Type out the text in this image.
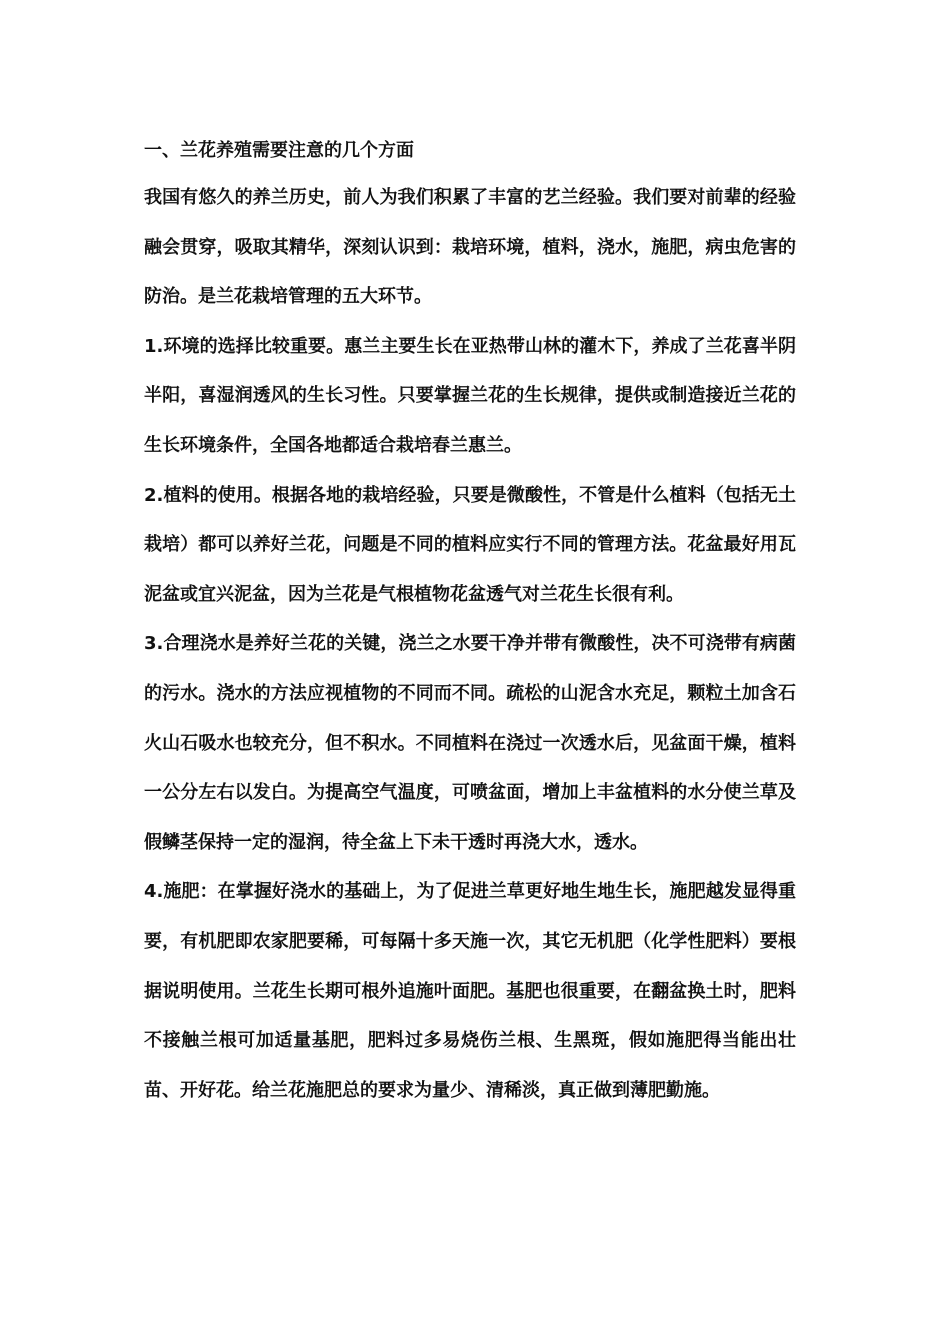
一、兰花养殖需要注意的几个方面

我国有悠久的养兰历史，前人为我们积累了丰富的艺兰经验。我们要对前辈的经验融会贯穿，吸取其精华，深刻认识到：栽培环境，植料，浇水，施肥，病虫危害的防治。是兰花栽培管理的五大环节。

1.环境的选择比较重要。惠兰主要生长在亚热带山林的灌木下，养成了兰花喜半阴半阳，喜湿润透风的生长习性。只要掌握兰花的生长规律，提供或制造接近兰花的生长环境条件，全国各地都适合栽培春兰惠兰。

2.植料的使用。根据各地的栽培经验，只要是微酸性，不管是什么植料（包括无土栽培）都可以养好兰花，问题是不同的植料应实行不同的管理方法。花盆最好用瓦泥盆或宜兴泥盆，因为兰花是气根植物花盆透气对兰花生长很有利。

3.合理浇水是养好兰花的关键，浇兰之水要干净并带有微酸性，决不可浇带有病菌的污水。浇水的方法应视植物的不同而不同。疏松的山泥含水充足，颗粒土加含石火山石吸水也较充分，但不积水。不同植料在浇过一次透水后，见盆面干燥，植料一公分左右以发白。为提高空气温度，可喷盆面，增加上丰盆植料的水分使兰草及假鳞茎保持一定的湿润，待全盆上下未干透时再浇大水，透水。

4.施肥：在掌握好浇水的基础上，为了促进兰草更好地生地生长，施肥越发显得重要，有机肥即农家肥要稀，可每隔十多天施一次，其它无机肥（化学性肥料）要根据说明使用。兰花生长期可根外追施叶面肥。基肥也很重要，在翻盆换土时，肥料不接触兰根可加适量基肥，肥料过多易烧伤兰根、生黑斑，假如施肥得当能出壮苗、开好花。给兰花施肥总的要求为量少、清稀淡，真正做到薄肥勤施。
